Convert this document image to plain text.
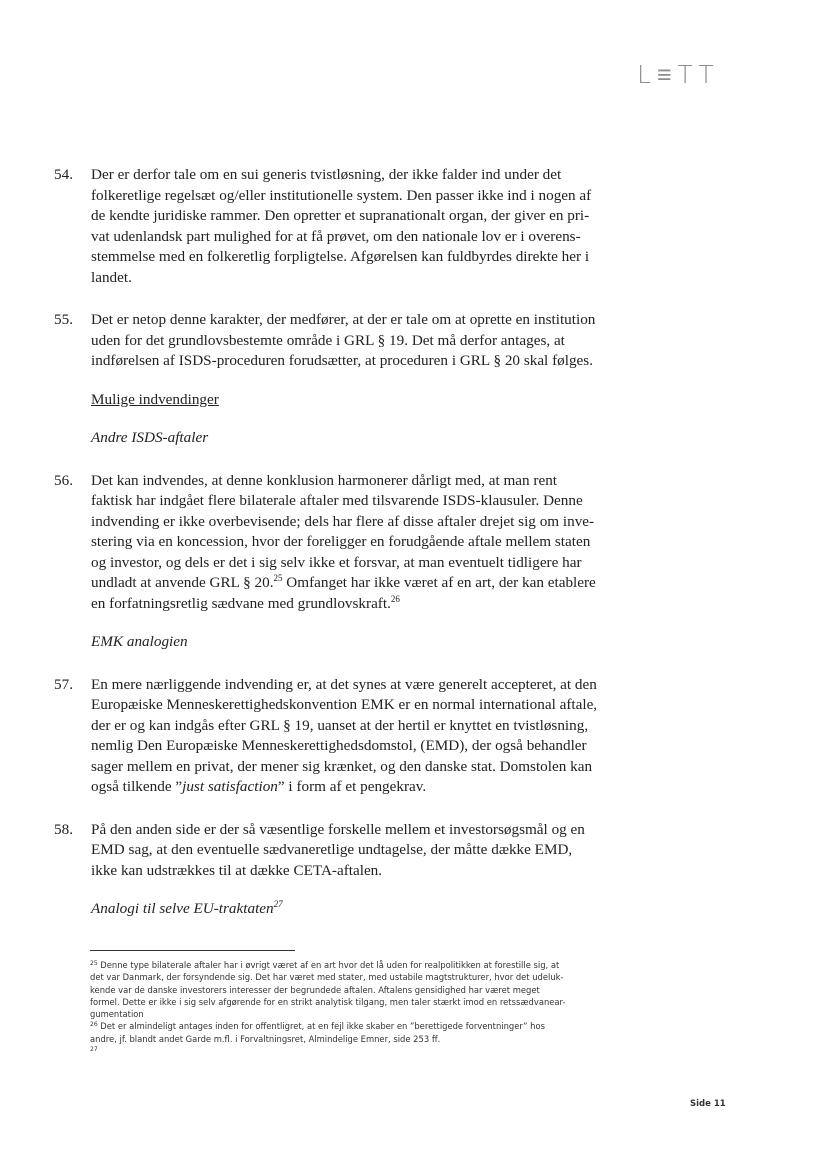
L≡TT
54.	Der er derfor tale om en sui generis tvistløsning, der ikke falder ind under det
folkeretlige regelsæt og/eller institutionelle system. Den passer ikke ind i nogen af
de kendte juridiske rammer. Den opretter et supranationalt organ, der giver en pri-
vat udenlandsk part mulighed for at få prøvet, om den nationale lov er i overens-
stemmelse med en folkeretlig forpligtelse. Afgørelsen kan fuldbyrdes direkte her i
landet.
55.	Det er netop denne karakter, der medfører, at der er tale om at oprette en institution
uden for det grundlovsbestemte område i GRL § 19. Det må derfor antages, at
indførelsen af ISDS-proceduren forudsætter, at proceduren i GRL § 20 skal følges.
Mulige indvendinger
Andre ISDS-aftaler
56.	Det kan indvendes, at denne konklusion harmonerer dårligt med, at man rent
faktisk har indgået flere bilaterale aftaler med tilsvarende ISDS-klausuler. Denne
indvending er ikke overbevisende; dels har flere af disse aftaler drejet sig om inve-
stering via en koncession, hvor der foreligger en forudgående aftale mellem staten
og investor, og dels er det i sig selv ikke et forsvar, at man eventuelt tidligere har
undladt at anvende GRL § 20.25 Omfanget har ikke været af en art, der kan etablere
en forfatningsretlig sædvane med grundlovskraft.$^{26}$
EMK analogien
57.	En mere nærliggende indvending er, at det synes at være generelt accepteret, at den
Europæiske Menneskerettighedskonvention EMK er en normal international aftale,
der er og kan indgås efter GRL § 19, uanset at der hertil er knyttet en tvistløsning,
nemlig Den Europæiske Menneskerettighedsdomstol, (EMD), der også behandler
sager mellem en privat, der mener sig krænket, og den danske stat. Domstolen kan
også tilkende ”just satisfaction” i form af et pengekrav.
58.	På den anden side er der så væsentlige forskelle mellem et investorsøgsmål og en
EMD sag, at den eventuelle sædvaneretlige undtagelse, der måtte dække EMD,
ikke kan udstrækkes til at dække CETA-aftalen.
Analogi til selve EU-traktaten$^{27}$
$^{25}$ Denne type bilaterale aftaler har i øvrigt været af en art hvor det lå uden for realpolitikken at forestille sig, at
det var Danmark, der forsyndende sig. Det har været med stater, med ustabile magtstrukturer, hvor det udeluk-
kende var de danske investorers interesser der begrundede aftalen. Aftalens gensidighed har været meget
formel. Dette er ikke i sig selv afgørende for en strikt analytisk tilgang, men taler stærkt imod en retssædvanear-
gumentation
$^{26}$ Det er almindeligt antages inden for offentligret, at en fejl ikke skaber en ”berettigede forventninger” hos
andre, jf. blandt andet Garde m.fl. i Forvaltningsret, Almindelige Emner, side 253 ff.
$^{27}$
Side 11
